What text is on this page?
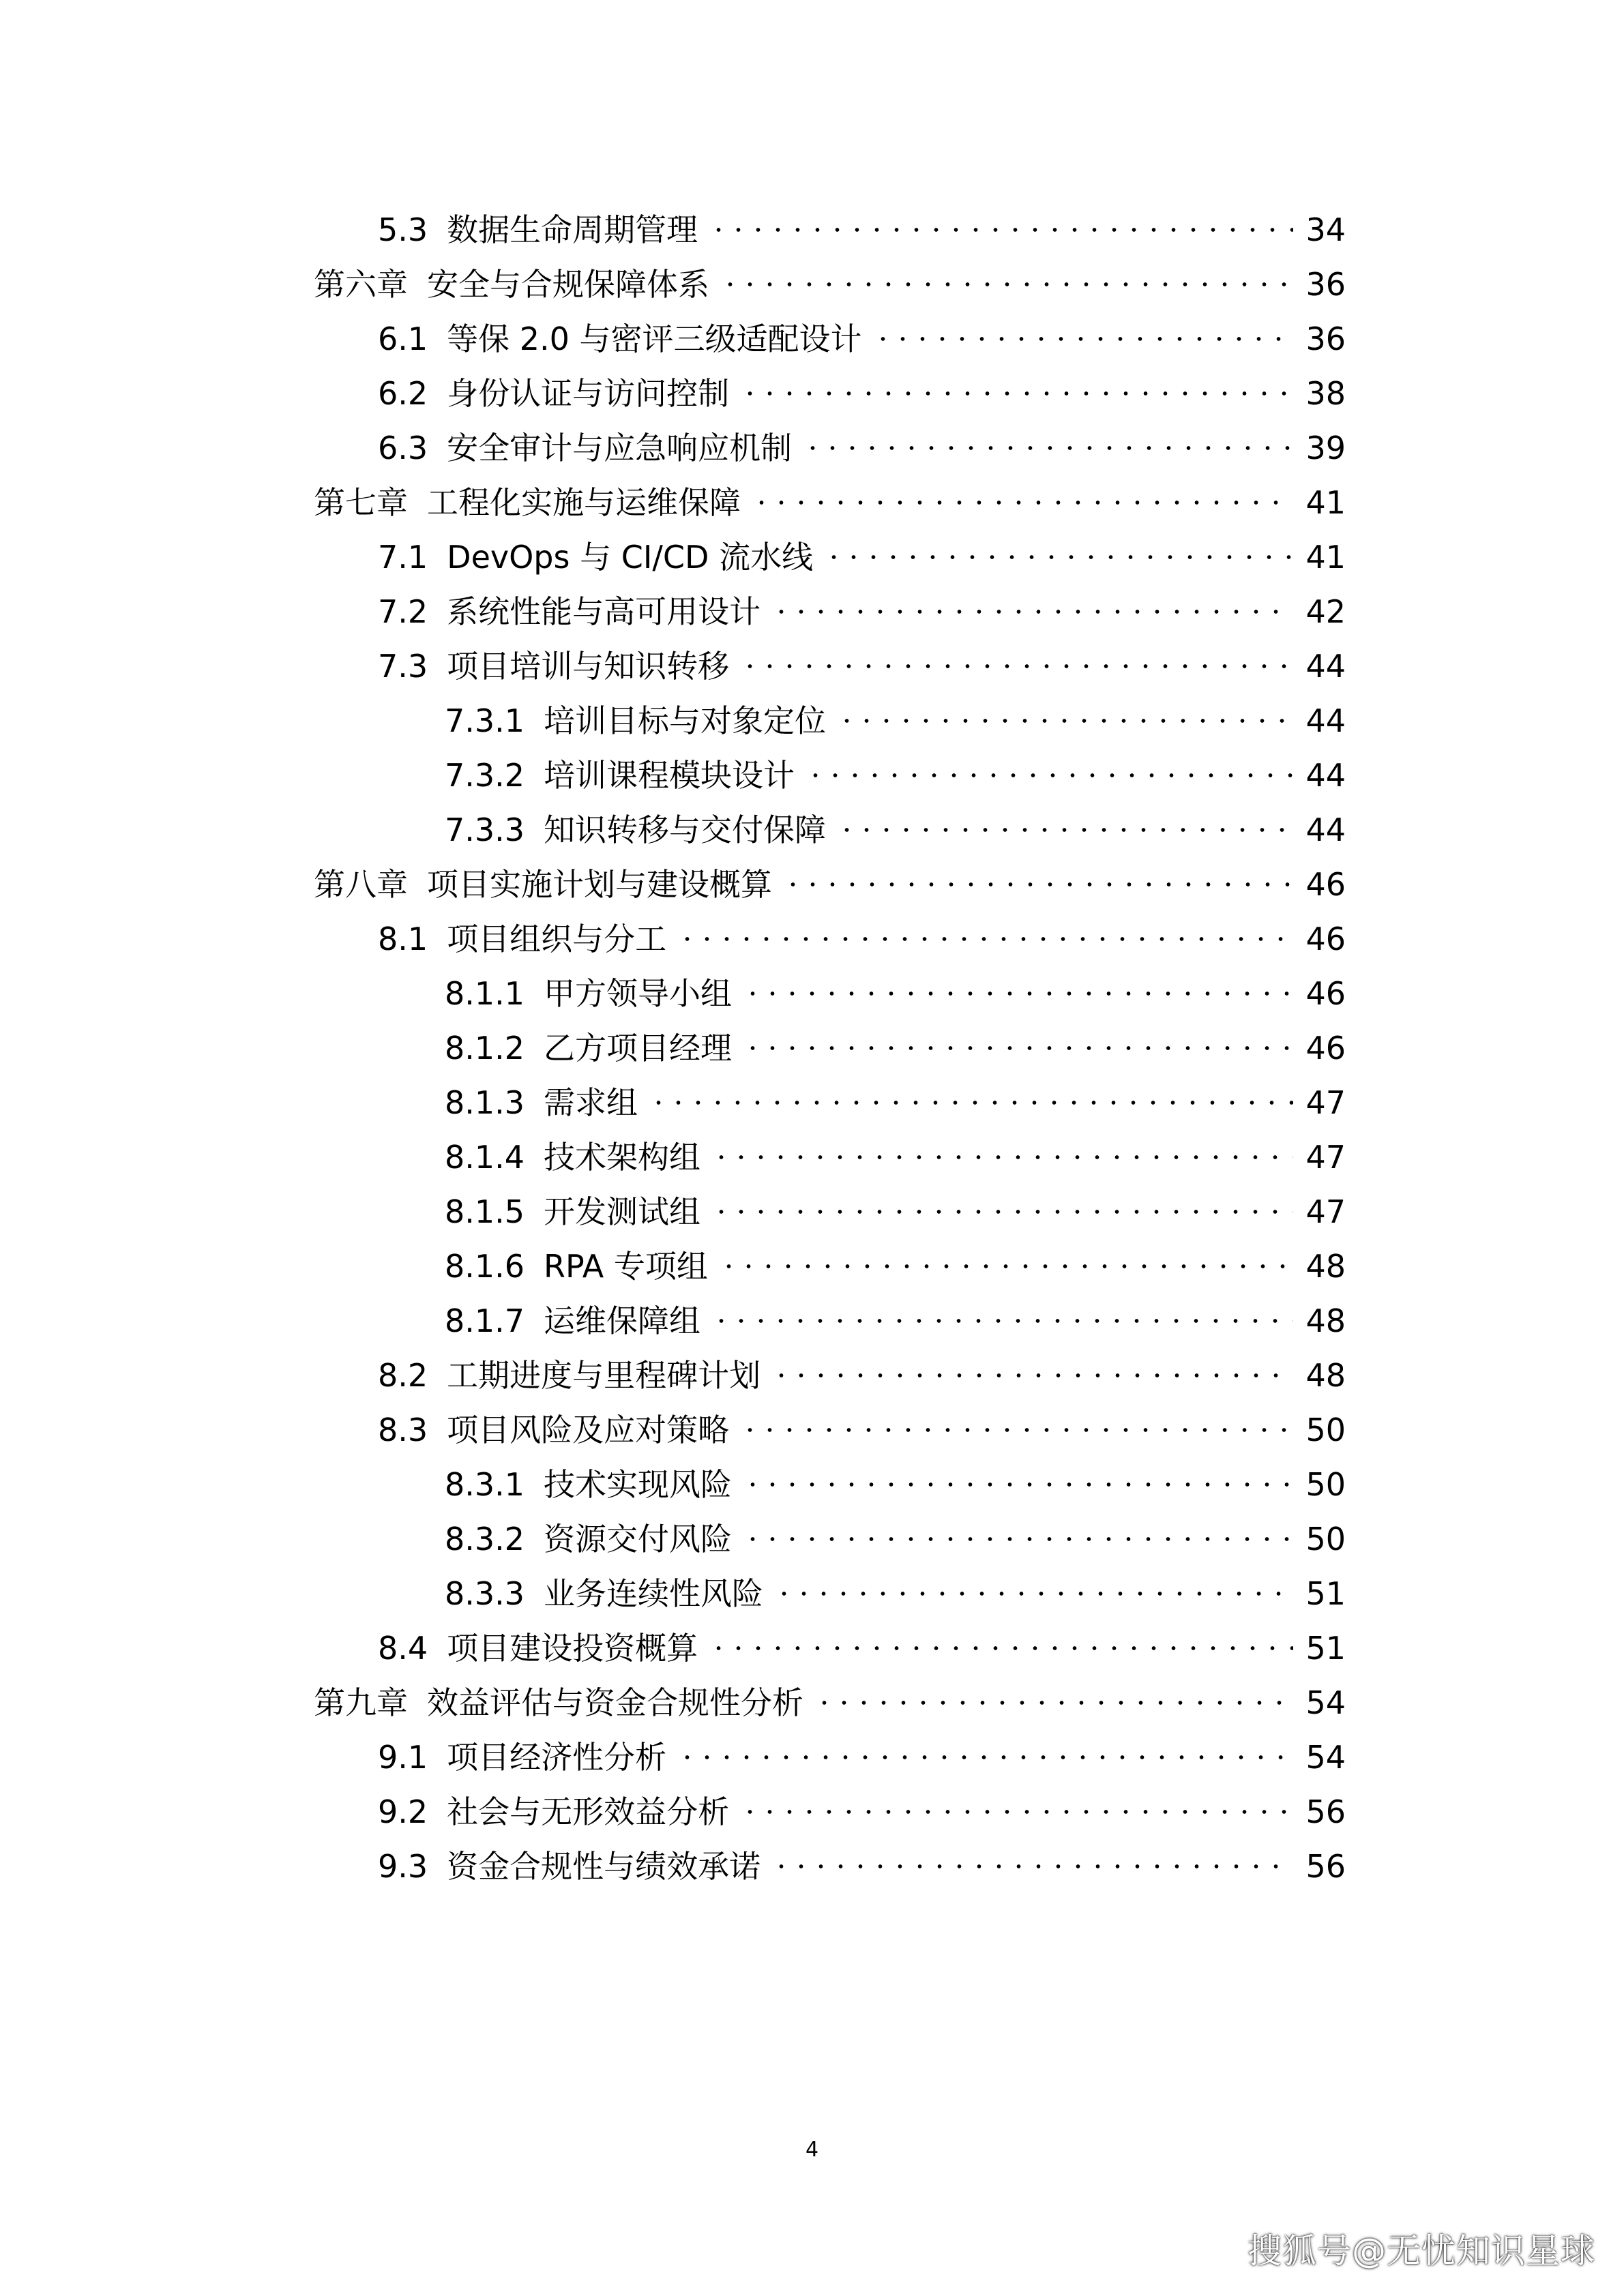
5.3 数据生命周期管理	34
第六章 安全与合规保障体系	36
6.1 等保 2.0 与密评三级适配设计	36
6.2 身份认证与访问控制	38
6.3 安全审计与应急响应机制	39
第七章 工程化实施与运维保障	41
7.1 DevOps 与 CI/CD 流水线	41
7.2 系统性能与高可用设计	42
7.3 项目培训与知识转移	44
7.3.1 培训目标与对象定位	44
7.3.2 培训课程模块设计	44
7.3.3 知识转移与交付保障	44
第八章 项目实施计划与建设概算	46
8.1 项目组织与分工	46
8.1.1 甲方领导小组	46
8.1.2 乙方项目经理	46
8.1.3 需求组	47
8.1.4 技术架构组	47
8.1.5 开发测试组	47
8.1.6 RPA 专项组	48
8.1.7 运维保障组	48
8.2 工期进度与里程碑计划	48
8.3 项目风险及应对策略	50
8.3.1 技术实现风险	50
8.3.2 资源交付风险	50
8.3.3 业务连续性风险	51
8.4 项目建设投资概算	51
第九章 效益评估与资金合规性分析	54
9.1 项目经济性分析	54
9.2 社会与无形效益分析	56
9.3 资金合规性与绩效承诺	56
4
搜狐号@无忧知识星球
